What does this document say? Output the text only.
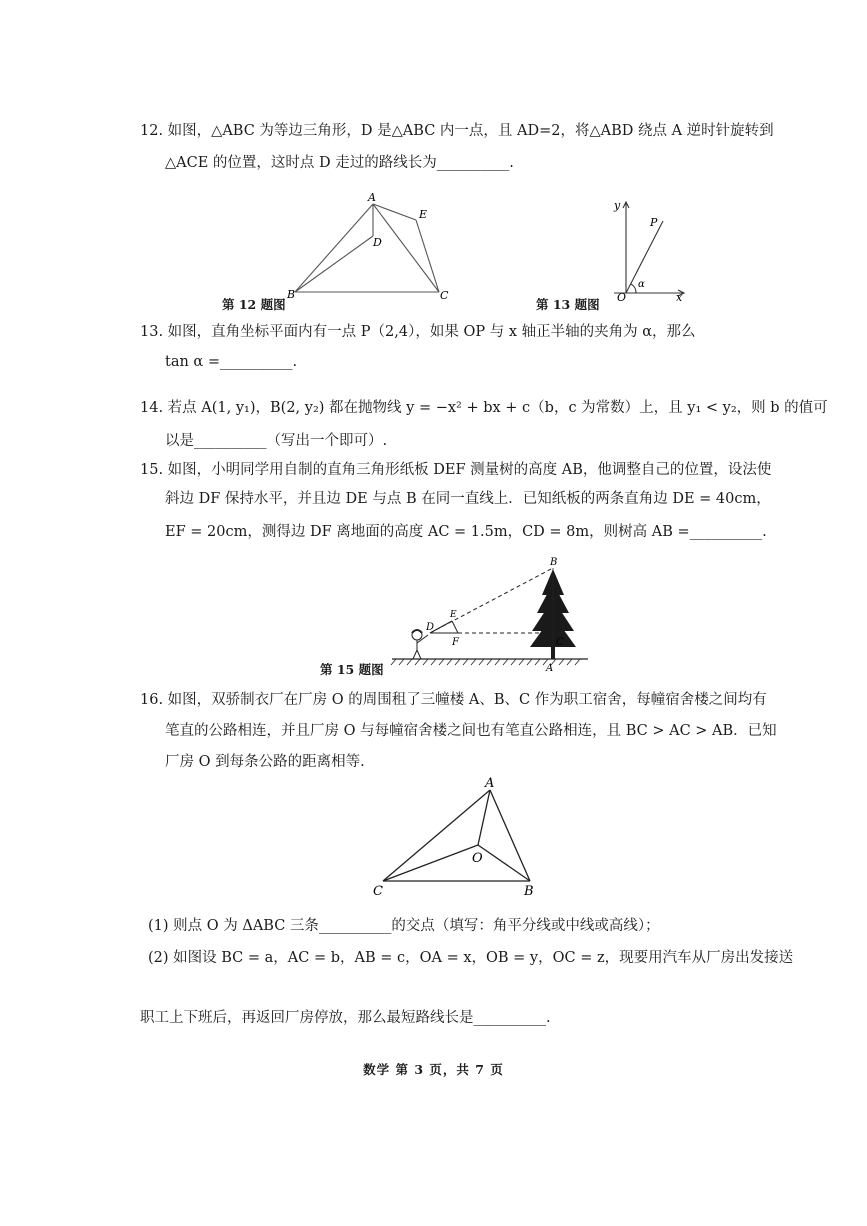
12. 如图，△ABC 为等边三角形，D 是△ABC 内一点，且 AD=2，将△ABD 绕点 A 逆时针旋转到
△ACE 的位置，这时点 D 走过的路线长为__________.
A
B	C
D
E
第 12 题图
y
x
O
P
α
第 13 题图
13. 如图，直角坐标平面内有一点 P（2,4），如果 OP 与 x 轴正半轴的夹角为 α，那么
tan α =__________.
14. 若点 A(1, y₁)，B(2, y₂) 都在抛物线 y = −x² + bx + c（b，c 为常数）上，且 y₁ < y₂，则 b 的值可
以是__________（写出一个即可）.
15. 如图，小明同学用自制的直角三角形纸板 DEF 测量树的高度 AB，他调整自己的位置，设法使
斜边 DF 保持水平，并且边 DE 与点 B 在同一直线上．已知纸板的两条直角边 DE = 40cm，
EF = 20cm，测得边 DF 离地面的高度 AC = 1.5m，CD = 8m，则树高 AB =__________.
B
D
E
F	C
A
第 15 题图
16. 如图，双骄制衣厂在厂房 O 的周围租了三幢楼 A、B、C 作为职工宿舍，每幢宿舍楼之间均有
笔直的公路相连，并且厂房 O 与每幢宿舍楼之间也有笔直公路相连，且 BC > AC > AB．已知
厂房 O 到每条公路的距离相等.
A
C	B
O
(1) 则点 O 为 ΔABC 三条__________的交点（填写：角平分线或中线或高线）；
(2) 如图设 BC = a，AC = b，AB = c，OA = x，OB = y，OC = z，现要用汽车从厂房出发接送
职工上下班后，再返回厂房停放，那么最短路线长是__________.
数学 第 3 页，共 7 页
